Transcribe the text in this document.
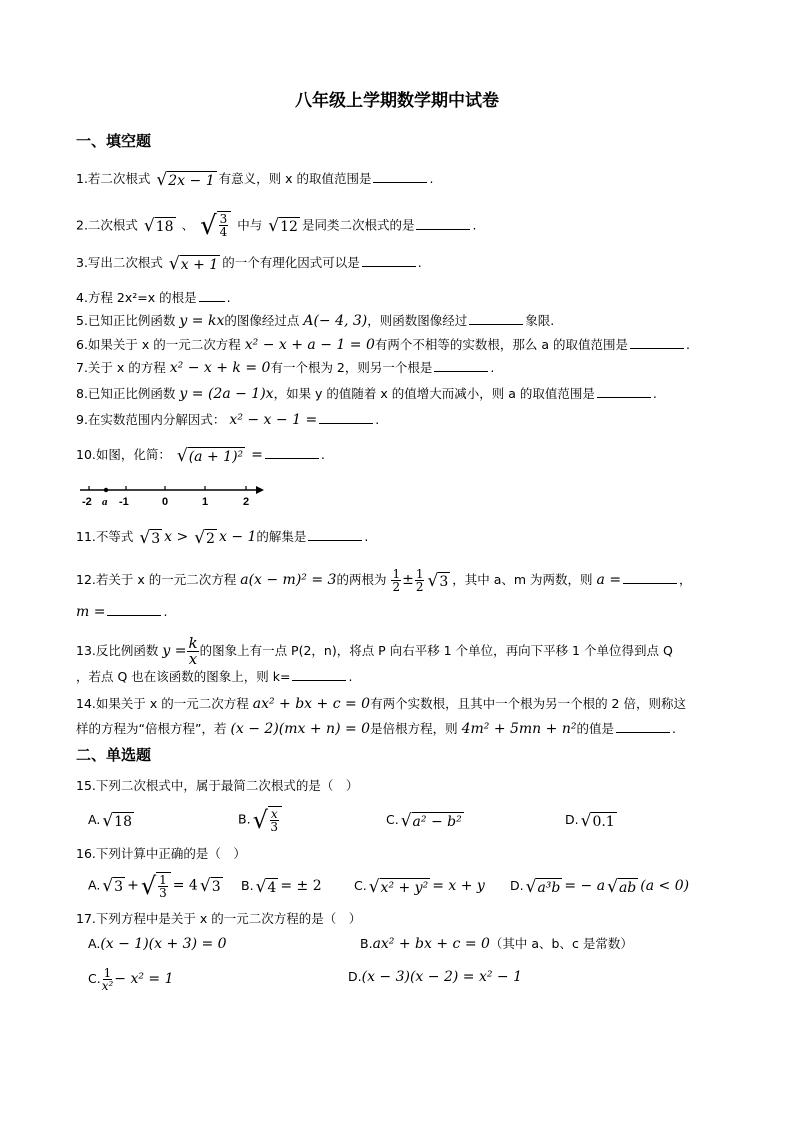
八年级上学期数学期中试卷
一、填空题
1.若二次根式 √ 2x − 1 有意义，则 x 的取值范围是	.
2.二次根式 √ 18 、 √ $\frac{3}{4}$ 中与 √ 12 是同类二次根式的是	.
3.写出二次根式 √ x + 1 的一个有理化因式可以是	.
4.方程 2x²=x 的根是 .
5.已知正比例函数 y = kx的图像经过点 A(− 4, 3)，则函数图像经过	象限.
6.如果关于 x 的一元二次方程 x² − x + a − 1 = 0有两个不相等的实数根，那么 a 的取值范围是	.
7.关于 x 的方程 x² − x + k = 0有一个根为 2，则另一个根是	.
8.已知正比例函数 y = (2a − 1)x，如果 y 的值随着 x 的值增大而减小，则 a 的取值范围是	.
9.在实数范围内分解因式： x² − x − 1 =	.
10.如图，化简： √ (a + 1)² =	.
-2 a -1	0	1	2
11.不等式 √ 3 x > √ 2 x − 1的解集是	.
12.若关于 x 的一元二次方程 a(x − m)² = 3的两根为 $\frac{1}{2} \pm \frac{1}{2}$ √ 3 ，其中 a、m 为两数，则 a =	，
m =	.
13.反比例函数 $y = \frac{k}{x}$ 的图象上有一点 P(2，n)，将点 P 向右平移 1 个单位，再向下平移 1 个单位得到点 Q
，若点 Q 也在该函数的图象上，则 k=	.
14.如果关于 x 的一元二次方程 ax² + bx + c = 0有两个实数根，且其中一个根为另一个根的 2 倍，则称这
样的方程为“倍根方程”，若 (x − 2)(mx + n) = 0是倍根方程，则 4m² + 5mn + n²的值是	.
二、单选题
15.下列二次根式中，属于最简二次根式的是（　）
A. √ 18	B. √ $\frac{x}{3}$	C. √ a² − b²	D. √ 0.1
16.下列计算中正确的是（　）
A. √ 3 + √ $\frac{1}{3} = 4$ √ 3 B. √ 4 = ± 2	C. √ x² + y² = x + y D. √ a³b = − a √ ab (a < 0)
17.下列方程中是关于 x 的一元二次方程的是（　）
A.(x − 1)(x + 3) = 0	B.ax² + bx + c = 0（其中 a、b、c 是常数）
C. $\frac{1}{\text{x²}} - x^2 = 1$	D.(x − 3)(x − 2) = x² − 1
